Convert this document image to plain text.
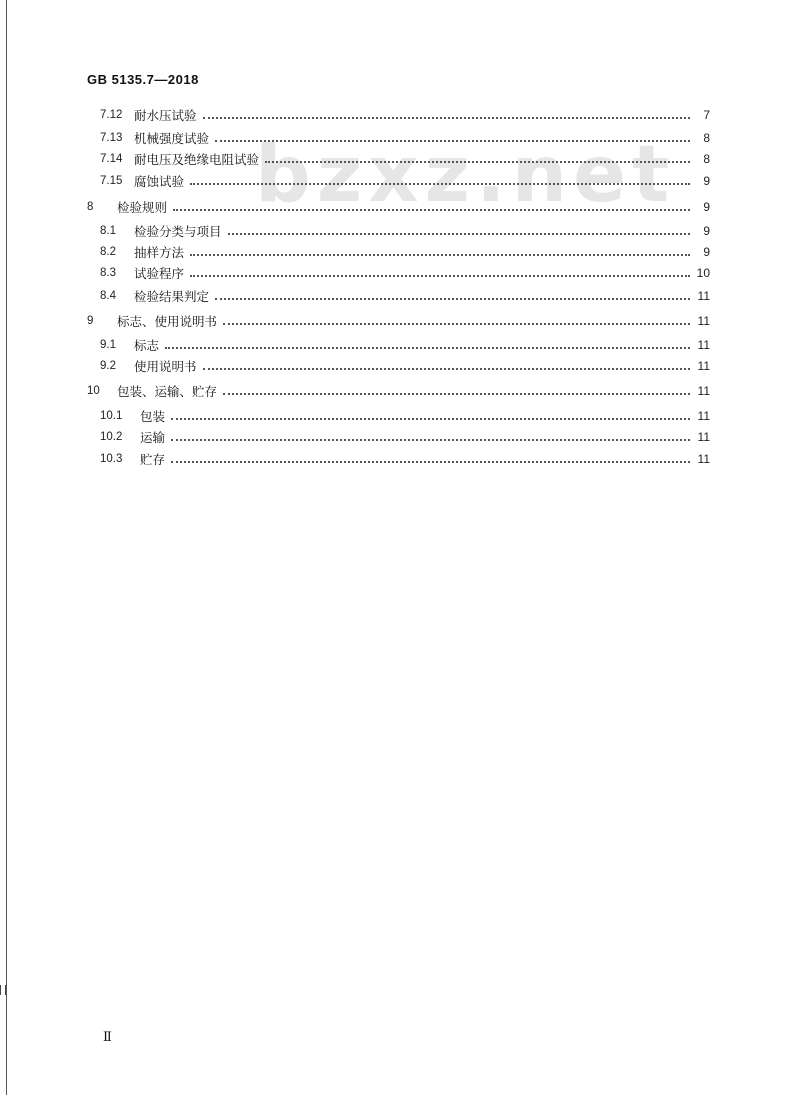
GB 5135.7—2018
bzxz.net
7.12 耐水压试验	7
7.13 机械强度试验	8
7.14 耐电压及绝缘电阻试验	8
7.15 腐蚀试验	9
8	检验规则	9
8.1	检验分类与项目	9
8.2	抽样方法	9
8.3	试验程序	10
8.4	检验结果判定	11
9	标志、使用说明书	11
9.1	标志	11
9.2	使用说明书	11
10	包装、运输、贮存	11
10.1	包装	11
10.2	运输	11
10.3	贮存	11
Ⅱ
